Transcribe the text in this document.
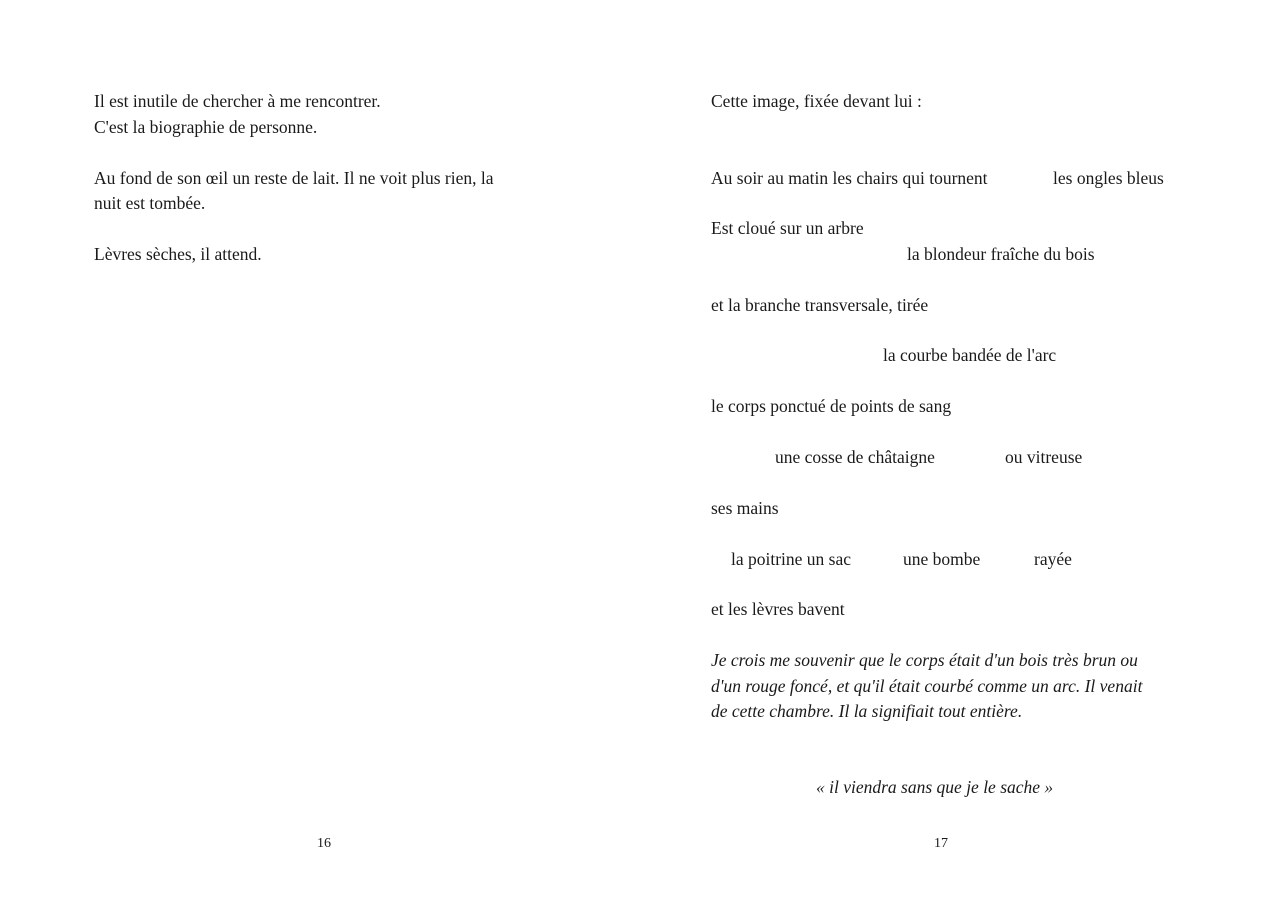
Il est inutile de chercher à me rencontrer.
C'est la biographie de personne.
Au fond de son œil un reste de lait. Il ne voit plus rien, la
nuit est tombée.
Lèvres sèches, il attend.
16
Cette image, fixée devant lui :
Au soir au matin les chairs qui tournent	les ongles bleus
Est cloué sur un arbre
la blondeur fraîche du bois
et la branche transversale, tirée
la courbe bandée de l'arc
le corps ponctué de points de sang
une cosse de châtaigne	ou vitreuse
ses mains
la poitrine un sac	une bombe	rayée
et les lèvres bavent
Je crois me souvenir que le corps était d'un bois très brun ou
d'un rouge foncé, et qu'il était courbé comme un arc. Il venait
de cette chambre. Il la signifiait tout entière.
« il viendra sans que je le sache »
17
